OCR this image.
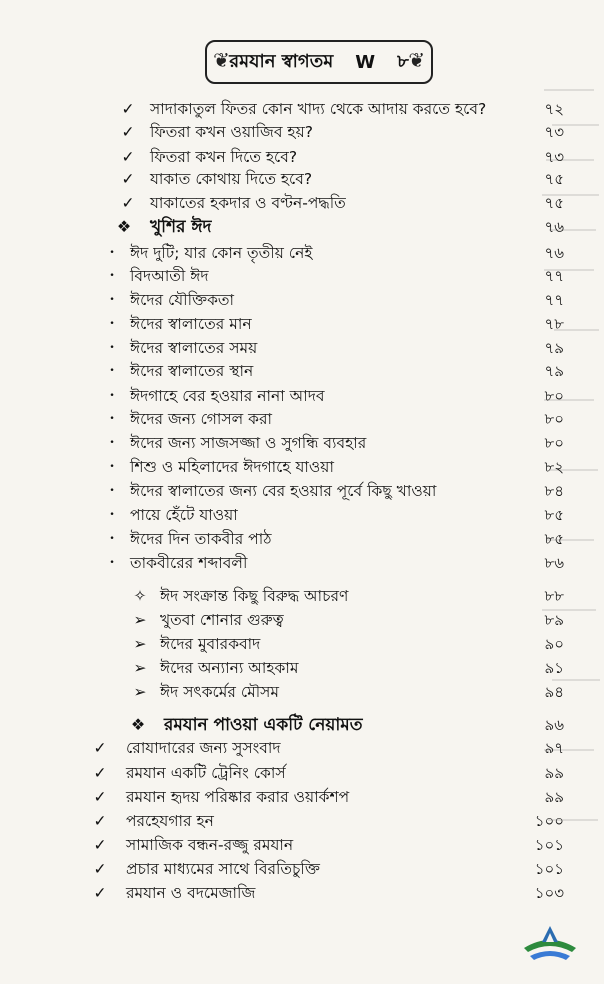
❦ রমযান স্বাগতম W ৮ ❦
✓ সাদাকাতুল ফিতর কোন খাদ্য থেকে আদায় করতে হবে?	৭২
✓ ফিতরা কখন ওয়াজিব হয়?	৭৩
✓ ফিতরা কখন দিতে হবে?	৭৩
✓ যাকাত কোথায় দিতে হবে?	৭৫
✓ যাকাতের হকদার ও বণ্টন-পদ্ধতি	৭৫
❖ খুশির ঈদ	৭৬
• ঈদ দুটি; যার কোন তৃতীয় নেই	৭৬
• বিদআতী ঈদ	৭৭
• ঈদের যৌক্তিকতা	৭৭
• ঈদের স্বালাতের মান	৭৮
• ঈদের স্বালাতের সময়	৭৯
• ঈদের স্বালাতের স্থান	৭৯
• ঈদগাহে বের হওয়ার নানা আদব	৮০
• ঈদের জন্য গোসল করা	৮০
• ঈদের জন্য সাজসজ্জা ও সুগন্ধি ব্যবহার	৮০
• শিশু ও মহিলাদের ঈদগাহে যাওয়া	৮২
• ঈদের স্বালাতের জন্য বের হওয়ার পূর্বে কিছু খাওয়া	৮৪
• পায়ে হেঁটে যাওয়া	৮৫
• ঈদের দিন তাকবীর পাঠ	৮৫
• তাকবীরের শব্দাবলী	৮৬
✧ ঈদ সংক্রান্ত কিছু বিরুদ্ধ আচরণ	৮৮
➢ খুতবা শোনার গুরুত্ব	৮৯
➢ ঈদের মুবারকবাদ	৯০
➢ ঈদের অন্যান্য আহকাম	৯১
➢ ঈদ সৎকর্মের মৌসম	৯৪
❖ রমযান পাওয়া একটি নেয়ামত	৯৬
✓ রোযাদারের জন্য সুসংবাদ	৯৭
✓ রমযান একটি ট্রেনিং কোর্স	৯৯
✓ রমযান হৃদয় পরিষ্কার করার ওয়ার্কশপ	৯৯
✓ পরহেযগার হন	১০০
✓ সামাজিক বন্ধন-রজ্জু রমযান	১০১
✓ প্রচার মাধ্যমের সাথে বিরতিচুক্তি	১০১
✓ রমযান ও বদমেজাজি	১০৩
